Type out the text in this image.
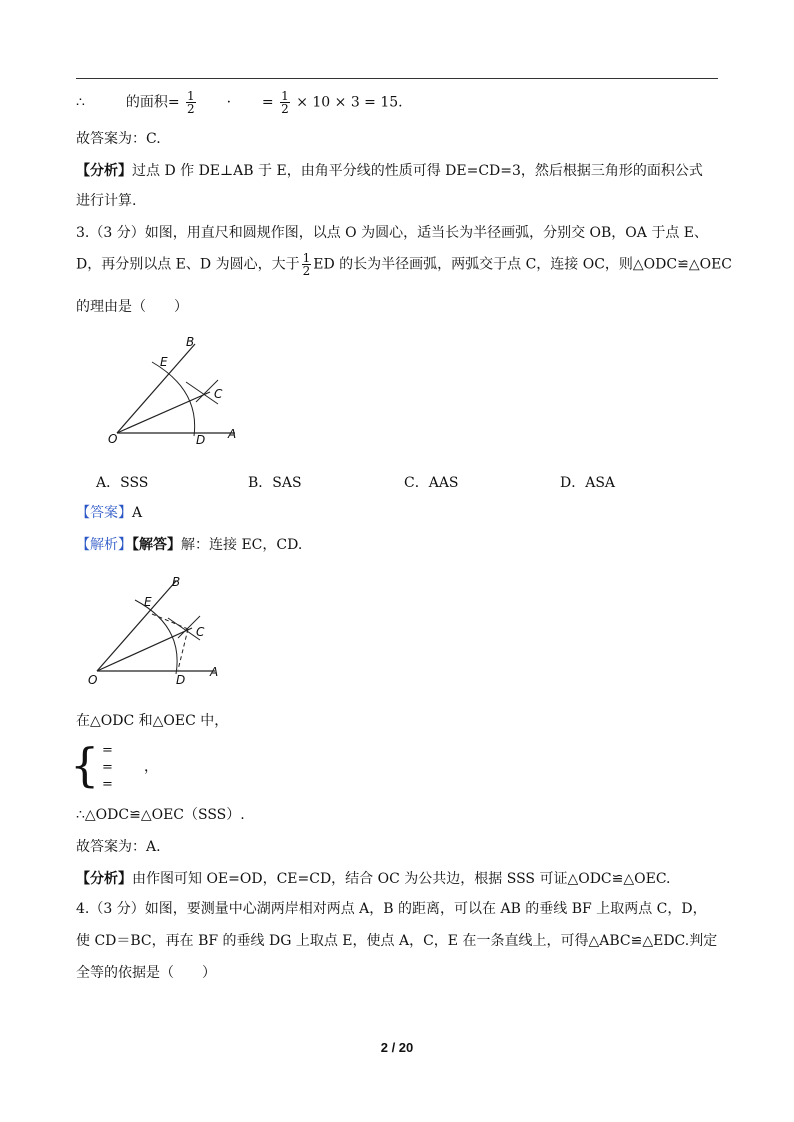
∴	的面积= $\frac{1}{2}$ · = $\frac{1}{2} \times 10 \times 3 = 15$.
故答案为：C.
【分析】过点 D 作 DE⊥AB 于 E，由角平分线的性质可得 DE=CD=3，然后根据三角形的面积公式
进行计算.
3.（3 分）如图，用直尺和圆规作图，以点 O 为圆心，适当长为半径画弧，分别交 OB，OA 于点 E、
D，再分别以点 E、D 为圆心，大于 $\frac{1}{2}$ ED 的长为半径画弧，两弧交于点 C，连接 OC，则△ODC≌△OEC
的理由是（　　）
B
E
C
O	D A
A．SSS	B．SAS	C．AAS	D．ASA
【答案】A
【解析】【解答】解：连接 EC，CD.
B
E
C
O	D
A
在△ODC 和△OEC 中，
{ =
=
=
，
∴△ODC≌△OEC（SSS）.
故答案为：A.
【分析】由作图可知 OE=OD，CE=CD，结合 OC 为公共边，根据 SSS 可证△ODC≌△OEC.
4.（3 分）如图，要测量中心湖两岸相对两点 A，B 的距离，可以在 AB 的垂线 BF 上取两点 C，D，
使 CD＝BC，再在 BF 的垂线 DG 上取点 E，使点 A，C，E 在一条直线上，可得△ABC≌△EDC.判定
全等的依据是（　　）
2 / 20
